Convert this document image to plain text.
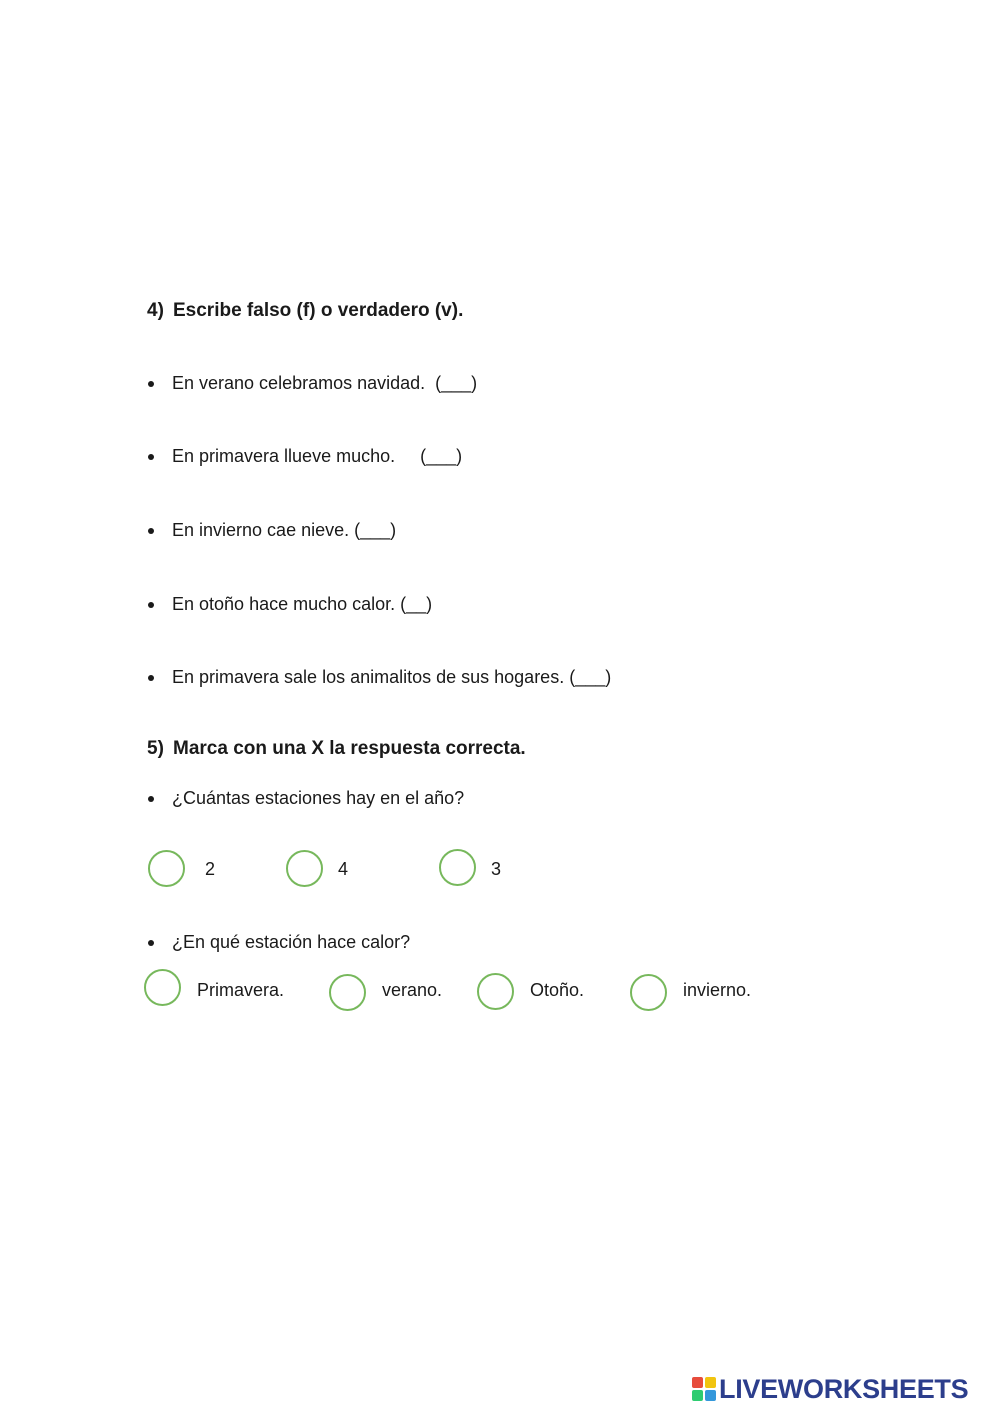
4) Escribe falso (f) o verdadero (v).
En verano celebramos navidad.  (___)
En primavera llueve mucho.     (___)
En invierno cae nieve. (___)
En otoño hace mucho calor. (__)
En primavera sale los animalitos de sus hogares. (___)
5) Marca con una X la respuesta correcta.
¿Cuántas estaciones hay en el año?
2	4	3
¿En qué estación hace calor?
Primavera.	verano.	Otoño.	invierno.
LIVEWORKSHEETS
